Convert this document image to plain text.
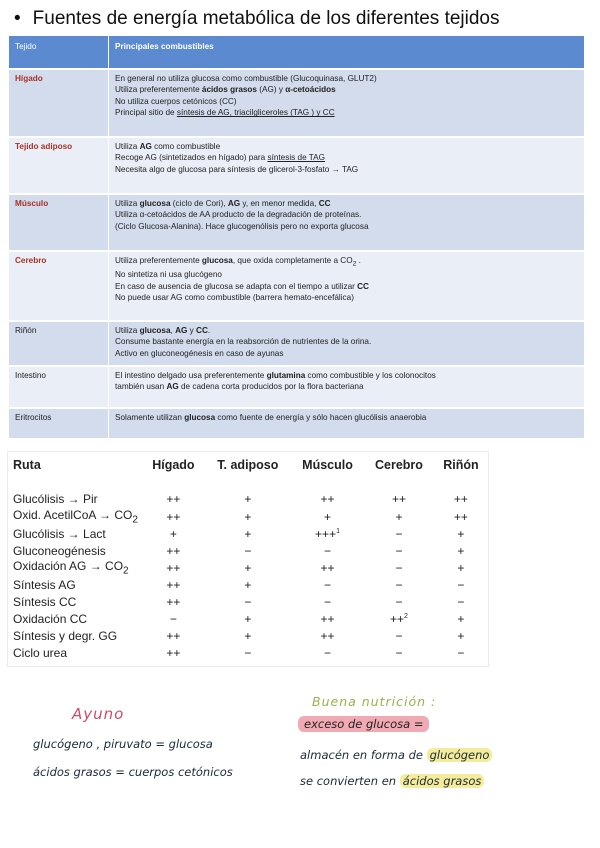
• Fuentes de energía metabólica de los diferentes tejidos
Tejido	Principales combustibles
Hígado	En general no utiliza glucosa como combustible (Glucoquinasa, GLUT2)
Utiliza preferentemente ácidos grasos (AG) y α-cetoácidos
No utiliza cuerpos cetónicos (CC)
Principal sitio de síntesis de AG, triacilgliceroles (TAG ) y CC

Tejido adiposo	Utiliza AG como combustible
Recoge AG (sintetizados en hígado) para síntesis de TAG
Necesita algo de glucosa para síntesis de glicerol-3-fosfato → TAG

Músculo	Utiliza glucosa (ciclo de Cori), AG y, en menor medida, CC
Utiliza α-cetoácidos de AA producto de la degradación de proteínas.
(Ciclo Glucosa-Alanina). Hace glucogenólisis pero no exporta glucosa

Cerebro	Utiliza preferentemente glucosa, que oxida completamente a $CO_2$ .
No sintetiza ni usa glucógeno
En caso de ausencia de glucosa se adapta con el tiempo a utilizar CC
No puede usar AG como combustible (barrera hemato-encefálica)

Riñón	Utiliza glucosa, AG y CC.
Consume bastante energía en la reabsorción de nutrientes de la orina.
Activo en gluconeogénesis en caso de ayunas

Intestino	El intestino delgado usa preferentemente glutamina como combustible y los colonocitos
también usan AG de cadena corta producidos por la flora bacteriana

Eritrocitos	Solamente utilizan glucosa como fuente de energía y sólo hacen glucólisis anaerobia
Ruta	Hígado	T. adiposo	Músculo	Cerebro	Riñón
Glucólisis → Pir	++	+	++	++	++
Oxid. AcetilCoA → $CO_2$	++	+	+	+	++
Glucólisis → Lact	+	+	+++$^1$	−	+
Gluconeogénesis	++	−	−	−	+
Oxidación AG → $CO_2$	++	+	++	−	+
Síntesis AG	++	+	−	−	−
Síntesis CC	++	−	−	−	−
Oxidación CC	−	+	++	++$^2$	+
Síntesis y degr. GG	++	+	++	−	+
Ciclo urea	++	−	−	−	−
Ayuno
glucógeno , piruvato = glucosa
ácidos grasos = cuerpos cetónicos
Buena nutrición :
exceso de glucosa =
almacén en forma de glucógeno
se convierten en ácidos grasos
